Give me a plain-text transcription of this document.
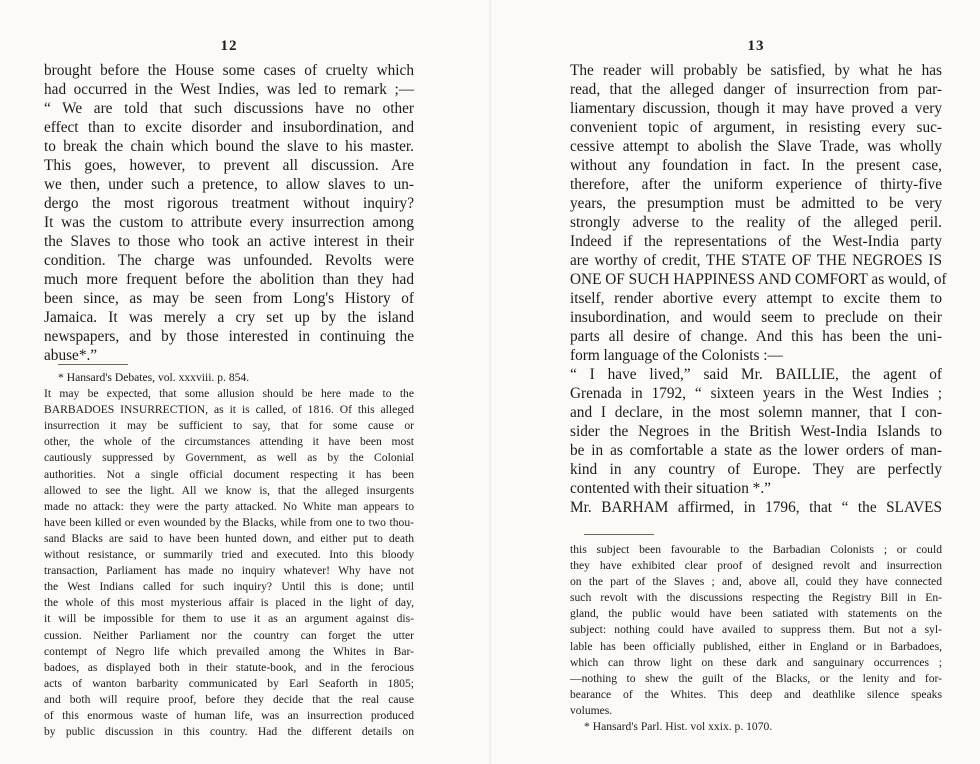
12
brought before the House some cases of cruelty which
had occurred in the West Indies, was led to remark ;—
“ We are told that such discussions have no other
effect than to excite disorder and insubordination, and
to break the chain which bound the slave to his master.
This goes, however, to prevent all discussion. Are
we then, under such a pretence, to allow slaves to un-
dergo the most rigorous treatment without inquiry?
It was the custom to attribute every insurrection among
the Slaves to those who took an active interest in their
condition. The charge was unfounded. Revolts were
much more frequent before the abolition than they had
been since, as may be seen from Long's History of
Jamaica. It was merely a cry set up by the island
newspapers, and by those interested in continuing the
abuse*.”
* Hansard's Debates, vol. xxxviii. p. 854.
It may be expected, that some allusion should be here made to the
BARBADOES INSURRECTION, as it is called, of 1816. Of this alleged
insurrection it may be sufficient to say, that for some cause or
other, the whole of the circumstances attending it have been most
cautiously suppressed by Government, as well as by the Colonial
authorities. Not a single official document respecting it has been
allowed to see the light. All we know is, that the alleged insurgents
made no attack: they were the party attacked. No White man appears to
have been killed or even wounded by the Blacks, while from one to two thou-
sand Blacks are said to have been hunted down, and either put to death
without resistance, or summarily tried and executed. Into this bloody
transaction, Parliament has made no inquiry whatever! Why have not
the West Indians called for such inquiry? Until this is done; until
the whole of this most mysterious affair is placed in the light of day,
it will be impossible for them to use it as an argument against dis-
cussion. Neither Parliament nor the country can forget the utter
contempt of Negro life which prevailed among the Whites in Bar-
badoes, as displayed both in their statute-book, and in the ferocious
acts of wanton barbarity communicated by Earl Seaforth in 1805;
and both will require proof, before they decide that the real cause
of this enormous waste of human life, was an insurrection produced
by public discussion in this country. Had the different details on
13
The reader will probably be satisfied, by what he has
read, that the alleged danger of insurrection from par-
liamentary discussion, though it may have proved a very
convenient topic of argument, in resisting every suc-
cessive attempt to abolish the Slave Trade, was wholly
without any foundation in fact. In the present case,
therefore, after the uniform experience of thirty-five
years, the presumption must be admitted to be very
strongly adverse to the reality of the alleged peril.
Indeed if the representations of the West-India party
are worthy of credit, THE STATE OF THE NEGROES IS
ONE OF SUCH HAPPINESS AND COMFORT as would, of
itself, render abortive every attempt to excite them to
insubordination, and would seem to preclude on their
parts all desire of change. And this has been the uni-
form language of the Colonists :—
“ I have lived,” said Mr. BAILLIE, the agent of
Grenada in 1792, “ sixteen years in the West Indies ;
and I declare, in the most solemn manner, that I con-
sider the Negroes in the British West-India Islands to
be in as comfortable a state as the lower orders of man-
kind in any country of Europe. They are perfectly
contented with their situation *.”
Mr. BARHAM affirmed, in 1796, that “ the SLAVES
this subject been favourable to the Barbadian Colonists ; or could
they have exhibited clear proof of designed revolt and insurrection
on the part of the Slaves ; and, above all, could they have connected
such revolt with the discussions respecting the Registry Bill in En-
gland, the public would have been satiated with statements on the
subject: nothing could have availed to suppress them. But not a syl-
lable has been officially published, either in England or in Barbadoes,
which can throw light on these dark and sanguinary occurrences ;
—nothing to shew the guilt of the Blacks, or the lenity and for-
bearance of the Whites. This deep and deathlike silence speaks
volumes.
* Hansard's Parl. Hist. vol xxix. p. 1070.
